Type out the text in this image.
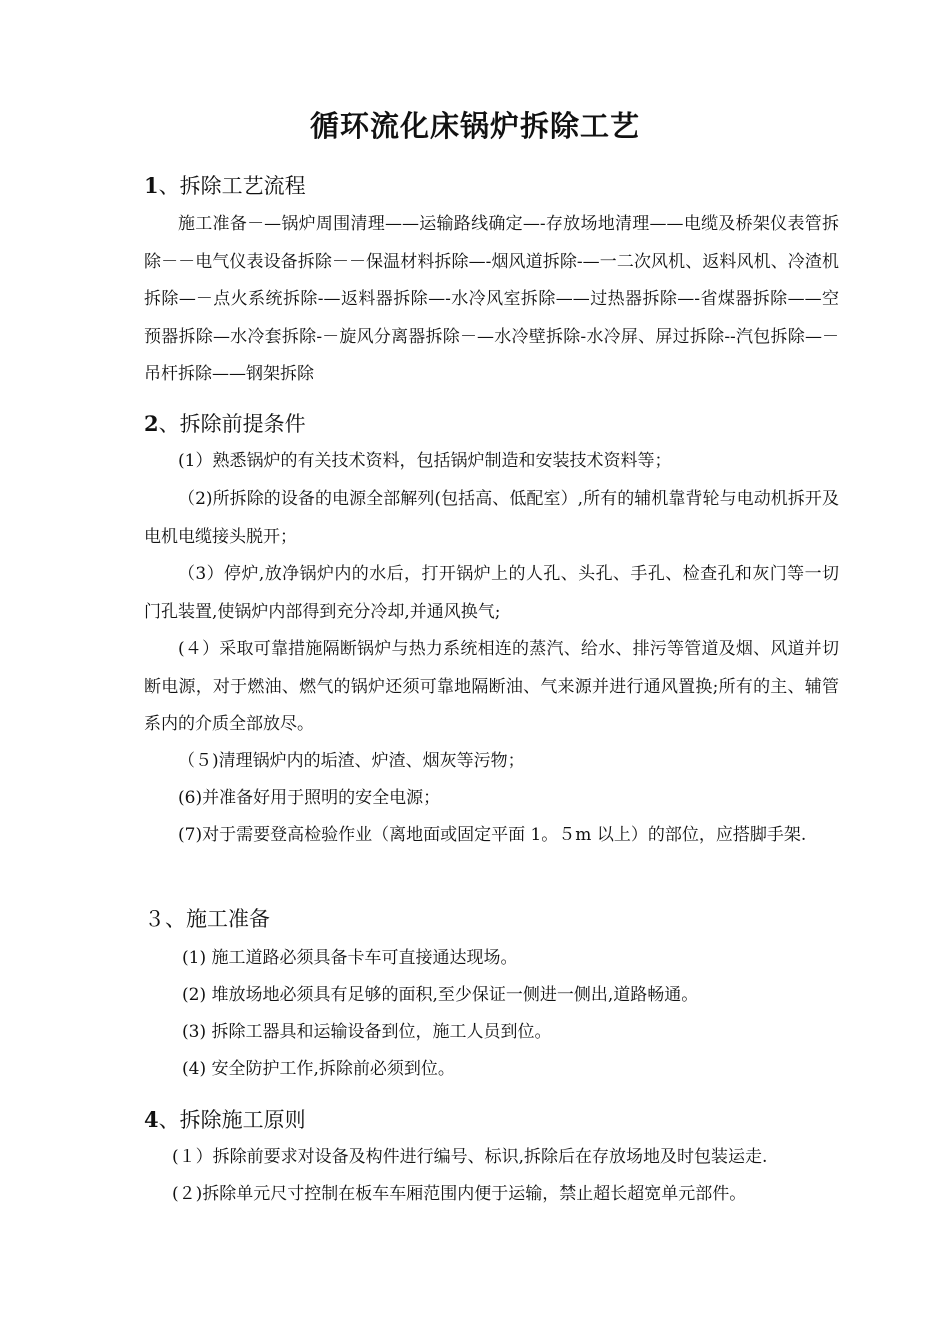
循环流化床锅炉拆除工艺
1、拆除工艺流程

施工准备－—锅炉周围清理——运输路线确定—-存放场地清理——电缆及桥架仪表管拆除－－电气仪表设备拆除－－保温材料拆除—-烟风道拆除-—一二次风机、返料风机、冷渣机拆除—－点火系统拆除-—返料器拆除—-水冷风室拆除——过热器拆除—-省煤器拆除——空预器拆除—水冷套拆除-－旋风分离器拆除－—水冷壁拆除-水冷屏、屏过拆除--汽包拆除—－吊杆拆除——钢架拆除

2、拆除前提条件

(1）熟悉锅炉的有关技术资料，包括锅炉制造和安装技术资料等；

（2)所拆除的设备的电源全部解列(包括高、低配室）,所有的辅机靠背轮与电动机拆开及电机电缆接头脱开；

（3）停炉,放净锅炉内的水后，打开锅炉上的人孔、头孔、手孔、检查孔和灰门等一切门孔装置,使锅炉内部得到充分冷却,并通风换气;

(４）采取可靠措施隔断锅炉与热力系统相连的蒸汽、给水、排污等管道及烟、风道并切断电源，对于燃油、燃气的锅炉还须可靠地隔断油、气来源并进行通风置换;所有的主、辅管系内的介质全部放尽。

（５)清理锅炉内的垢渣、炉渣、烟灰等污物；

(6)并准备好用于照明的安全电源；

(7)对于需要登高检验作业（离地面或固定平面 1。５m 以上）的部位，应搭脚手架.

３、施工准备
(1) 施工道路必须具备卡车可直接通达现场。
(2) 堆放场地必须具有足够的面积,至少保证一侧进一侧出,道路畅通。
(3) 拆除工器具和运输设备到位，施工人员到位。
(4) 安全防护工作,拆除前必须到位。
4、拆除施工原则
(１）拆除前要求对设备及构件进行编号、标识,拆除后在存放场地及时包装运走.
(２)拆除单元尺寸控制在板车车厢范围内便于运输，禁止超长超宽单元部件。
